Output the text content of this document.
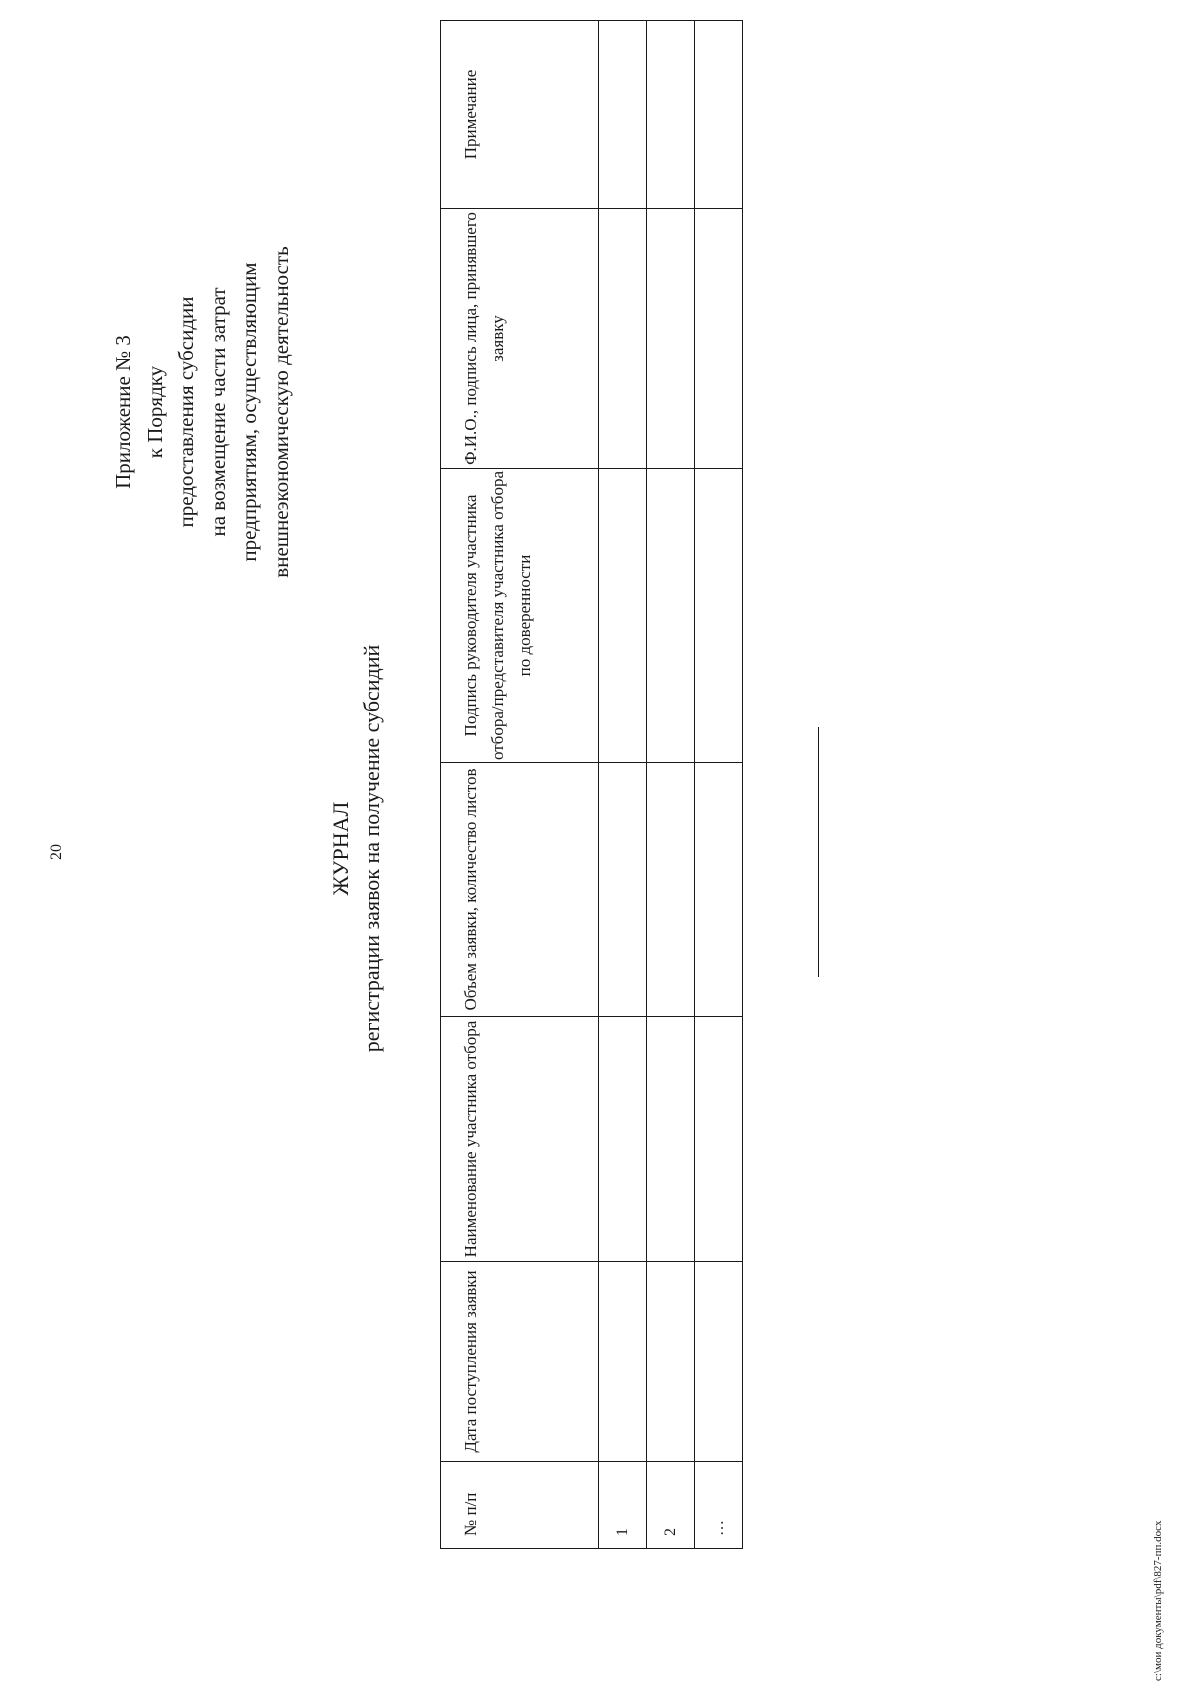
20
Приложение № 3 к Порядку предоставления субсидии на возмещение части затрат предприятиям, осуществляющим внешнеэкономическую деятельность
ЖУРНАЛ регистрации заявок на получение субсидий
№ п/п	Дата поступления заявки	Наименование участника отбора	Объем заявки, количество листов	Подпись руководителя участника отбора/представителя участника отбора по доверенности	Ф.И.О., подпись лица, принявшего заявку	Примечание
1						
2						
…							c:\мои документы\pdf\827-пп.docx
